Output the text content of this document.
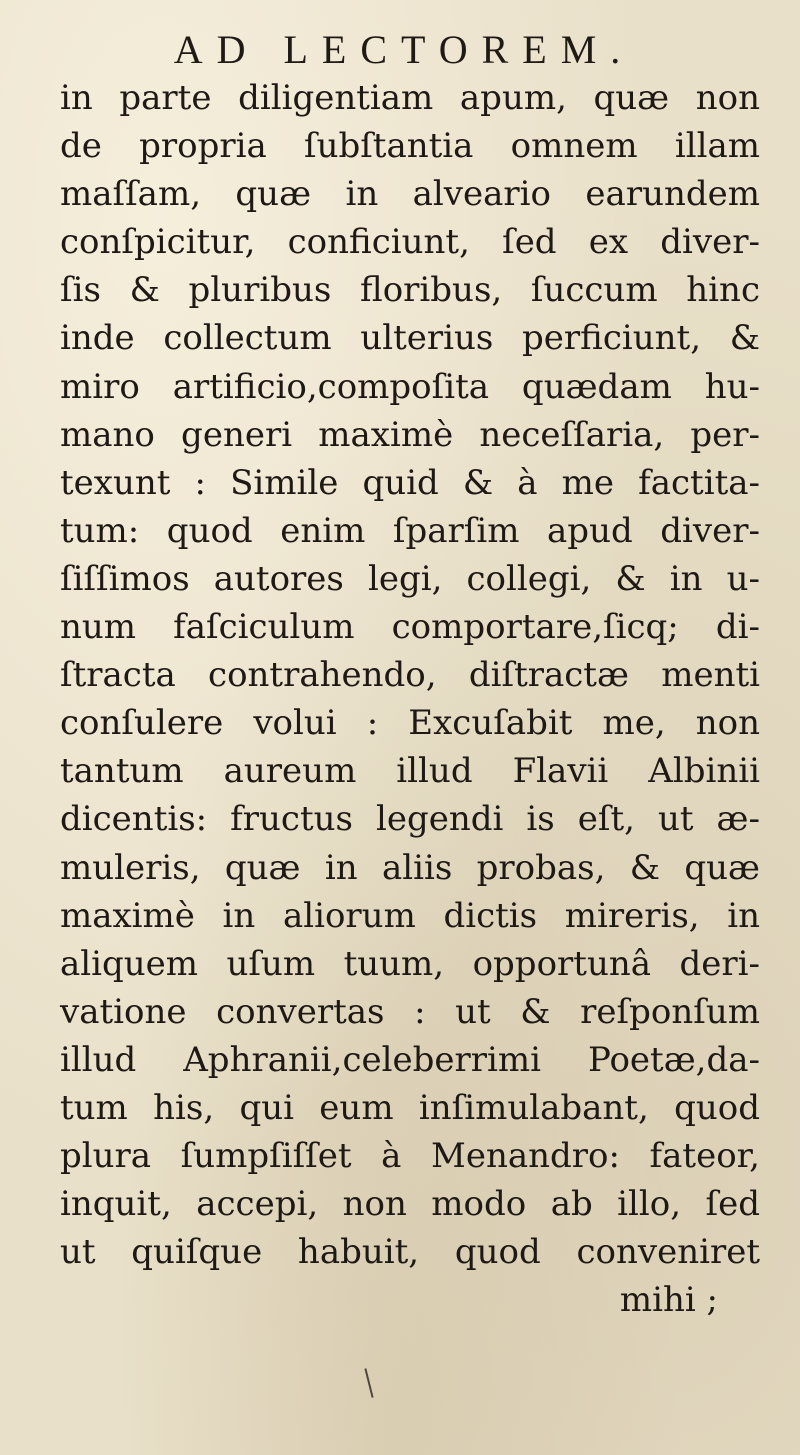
AD LECTOREM.
in parte diligentiam apum, quæ non
de propria ſubſtantia omnem illam
maſſam, quæ in alveario earundem
conſpicitur, conficiunt, ſed ex diver-
ſis & pluribus floribus, ſuccum hinc
inde collectum ulterius perficiunt, &
miro artificio,compoſita quædam hu-
mano generi maximè neceſſaria, per-
texunt : Simile quid & à me factita-
tum: quod enim ſparſim apud diver-
ſiſſimos autores legi, collegi, & in u-
num faſciculum comportare,ſicq; di-
ſtracta contrahendo, diſtractæ menti
conſulere volui : Excuſabit me, non
tantum aureum illud Flavii Albinii
dicentis: fructus legendi is eſt, ut æ-
muleris, quæ in aliis probas, & quæ
maximè in aliorum dictis mireris, in
aliquem uſum tuum, opportunâ deri-
vatione convertas : ut & reſponſum
illud Aphranii,celeberrimi Poetæ,da-
tum his, qui eum inſimulabant, quod
plura ſumpſiſſet à Menandro: fateor,
inquit, accepi, non modo ab illo, ſed
ut quiſque habuit, quod conveniret
mihi ;
